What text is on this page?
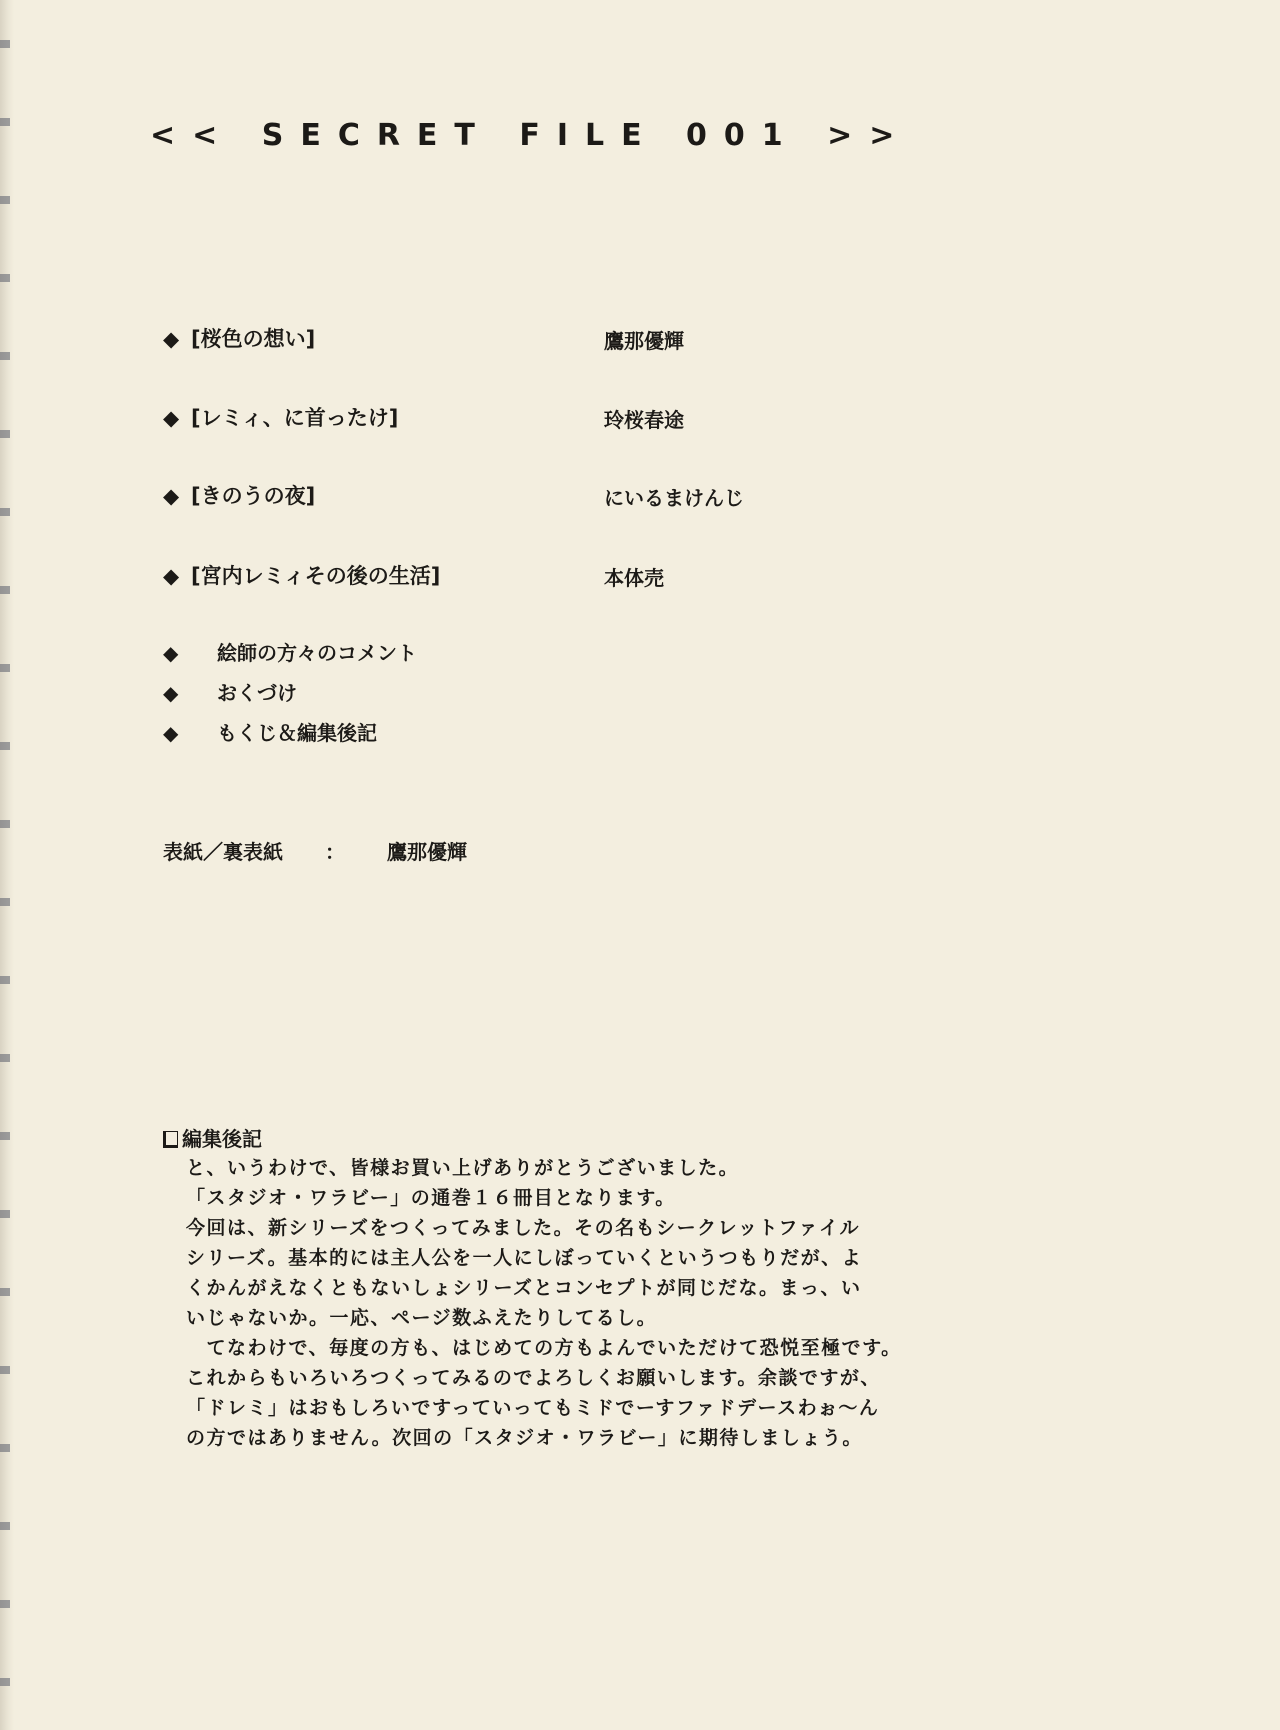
<< SECRET FILE 001 >>
◆ [桜色の想い]	鷹那優輝
◆ [レミィ、に首ったけ]	玲桜春途
◆ [きのうの夜]	にいるまけんじ
◆ [宮内レミィその後の生活]	本体売
◆ 絵師の方々のコメント
◆ おくづけ
◆ もくじ＆編集後記
表紙／裏表紙 ： 鷹那優輝
編集後記
と、いうわけで、皆様お買い上げありがとうございました。
「スタジオ・ワラビー」の通巻１６冊目となります。
今回は、新シリーズをつくってみました。その名もシークレットファイル
シリーズ。基本的には主人公を一人にしぼっていくというつもりだが、よ
くかんがえなくともないしょシリーズとコンセプトが同じだな。まっ、い
いじゃないか。一応、ページ数ふえたりしてるし。
　てなわけで、毎度の方も、はじめての方もよんでいただけて恐悦至極です。
これからもいろいろつくってみるのでよろしくお願いします。余談ですが、
「ドレミ」はおもしろいですっていってもミドでーすファドデースわぉ〜ん
の方ではありません。次回の「スタジオ・ワラビー」に期待しましょう。
